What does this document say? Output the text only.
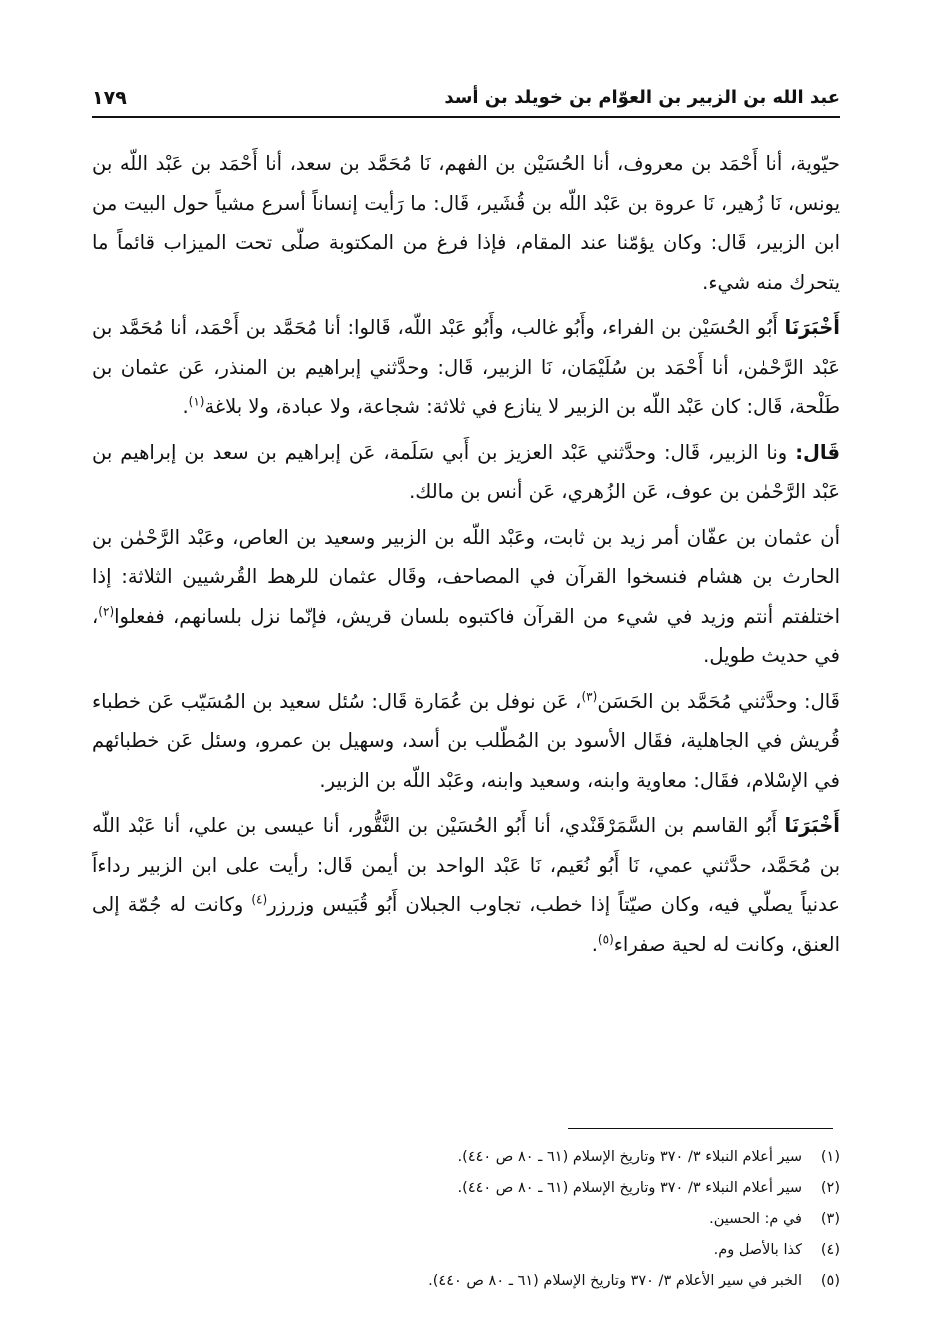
عبد الله بن الزبير بن العوّام بن خويلد بن أسد
١٧٩

حيّوية، أنا أَحْمَد بن معروف، أنا الحُسَيْن بن الفهم، نَا مُحَمَّد بن سعد، أنا أَحْمَد بن عَبْد اللّه بن يونس، نَا زُهير، نَا عروة بن عَبْد اللّه بن قُشَير، قَال: ما رَأيت إنساناً أسرع مشياً حول البيت من ابن الزبير، قَال: وكان يؤمّنا عند المقام، فإذا فرغ من المكتوبة صلّى تحت الميزاب قائماً ما يتحرك منه شيء.

أَخْبَرَنَا أَبُو الحُسَيْن بن الفراء، وأَبُو غالب، وأَبُو عَبْد اللّه، قَالوا: أنا مُحَمَّد بن أَحْمَد، أنا مُحَمَّد بن عَبْد الرَّحْمٰن، أنا أَحْمَد بن سُلَيْمَان، نَا الزبير، قَال: وحدَّثني إبراهيم بن المنذر، عَن عثمان بن طَلْحة، قَال: كان عَبْد اللّه بن الزبير لا ينازع في ثلاثة: شجاعة، ولا عبادة، ولا بلاغة$^{(١)}$.

قَال: ونا الزبير، قَال: وحدَّثني عَبْد العزيز بن أَبي سَلَمة، عَن إبراهيم بن سعد بن إبراهيم بن عَبْد الرَّحْمٰن بن عوف، عَن الزُهري، عَن أنس بن مالك.

أن عثمان بن عفّان أمر زيد بن ثابت، وعَبْد اللّه بن الزبير وسعيد بن العاص، وعَبْد الرَّحْمٰن بن الحارث بن هشام فنسخوا القرآن في المصاحف، وقَال عثمان للرهط القُرشيين الثلاثة: إذا اختلفتم أنتم وزيد في شيء من القرآن فاكتبوه بلسان قريش، فإنّما نزل بلسانهم، ففعلوا$^{(٢)}$، في حديث طويل.

قَال: وحدَّثني مُحَمَّد بن الحَسَن$^{(٣)}$، عَن نوفل بن عُمَارة قَال: سُئل سعيد بن المُسَيّب عَن خطباء قُريش في الجاهلية، فقَال الأسود بن المُطّلب بن أسد، وسهيل بن عمرو، وسئل عَن خطبائهم في الإسْلام، فقَال: معاوية وابنه، وسعيد وابنه، وعَبْد اللّه بن الزبير.

أَخْبَرَنَا أَبُو القاسم بن السَّمَرْقَنْدي، أنا أَبُو الحُسَيْن بن النَّقُّور، أنا عيسى بن علي، أنا عَبْد اللّه بن مُحَمَّد، حدَّثني عمي، نَا أَبُو نُعَيم، نَا عَبْد الواحد بن أيمن قَال: رأيت على ابن الزبير رداءاً عدنياً يصلّي فيه، وكان صيّتاً إذا خطب، تجاوب الجبلان أَبُو قُبَيس وزرزر$^{(٤)}$ وكانت له جُمّة إلى العنق، وكانت له لحية صفراء$^{(٥)}$.

(١)
سير أعلام النبلاء ٣/ ٣٧٠ وتاريخ الإسلام (٦١ ـ ٨٠ ص ٤٤٠).
(٢)
سير أعلام النبلاء ٣/ ٣٧٠ وتاريخ الإسلام (٦١ ـ ٨٠ ص ٤٤٠).
(٣)
في م: الحسين.
(٤)
كذا بالأصل وم.
(٥)
الخبر في سير الأعلام ٣/ ٣٧٠ وتاريخ الإسلام (٦١ ـ ٨٠ ص ٤٤٠).
